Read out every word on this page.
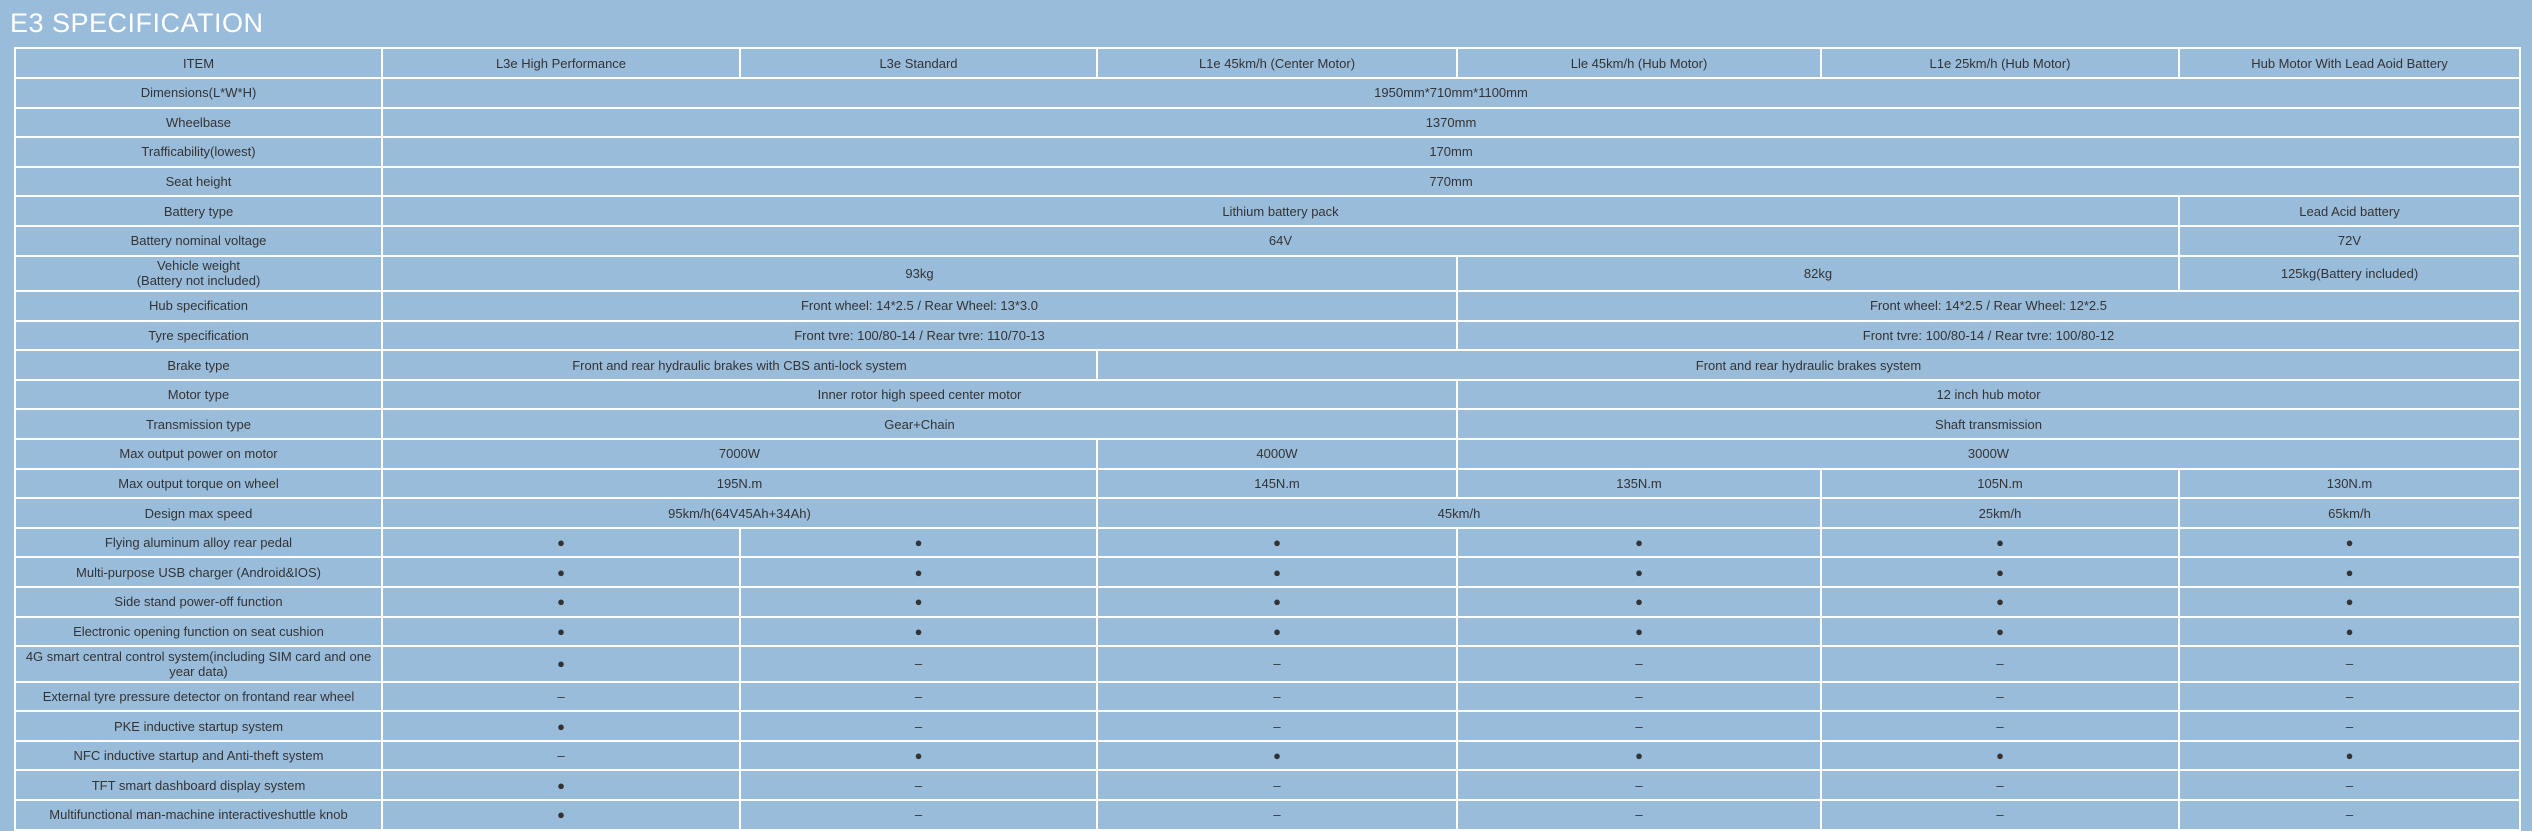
E3 SPECIFICATION
ITEM	L3e High Performance	L3e Standard	L1e 45km/h (Center Motor)	Lle 45km/h (Hub Motor)	L1e 25km/h (Hub Motor)	Hub Motor With Lead Aoid Battery
Dimensions(L*W*H)	1950mm*710mm*1100mm					
Wheelbase	1370mm					
Trafficability(lowest)	170mm					
Seat height	770mm					
Battery type	Lithium battery pack					Lead Acid battery
Battery nominal voltage	64V					72V
Vehicle weight
(Battery not included)	93kg			82kg		125kg(Battery included)
Hub specification	Front wheel: 14*2.5 / Rear Wheel: 13*3.0			Front wheel: 14*2.5 / Rear Wheel: 12*2.5		
Tyre specification	Front tvre: 100/80-14 / Rear tvre: 110/70-13			Front tvre: 100/80-14 / Rear tvre: 100/80-12		
Brake type	Front and rear hydraulic brakes with CBS anti-lock system		Front and rear hydraulic brakes system			
Motor type	Inner rotor high speed center motor			12 inch hub motor		
Transmission type	Gear+Chain			Shaft transmission		
Max output power on motor	7000W		4000W	3000W		
Max output torque on wheel	195N.m		145N.m	135N.m	105N.m	130N.m
Design max speed	95km/h(64V45Ah+34Ah)		45km/h		25km/h	65km/h
Flying aluminum alloy rear pedal	●	●	●	●	●	●
Multi-purpose USB charger (Android&IOS)	●	●	●	●	●	●
Side stand power-off function	●	●	●	●	●	●
Electronic opening function on seat cushion	●	●	●	●	●	●
4G smart central control system(including SIM card and one year data)	●	–	–	–	–	–
External tyre pressure detector on frontand rear wheel	–	–	–	–	–	–
PKE inductive startup system	●	–	–	–	–	–
NFC inductive startup and Anti-theft system	–	●	●	●	●	●
TFT smart dashboard display system	●	–	–	–	–	–
Multifunctional man-machine interactiveshuttle knob	●	–	–	–	–	–
